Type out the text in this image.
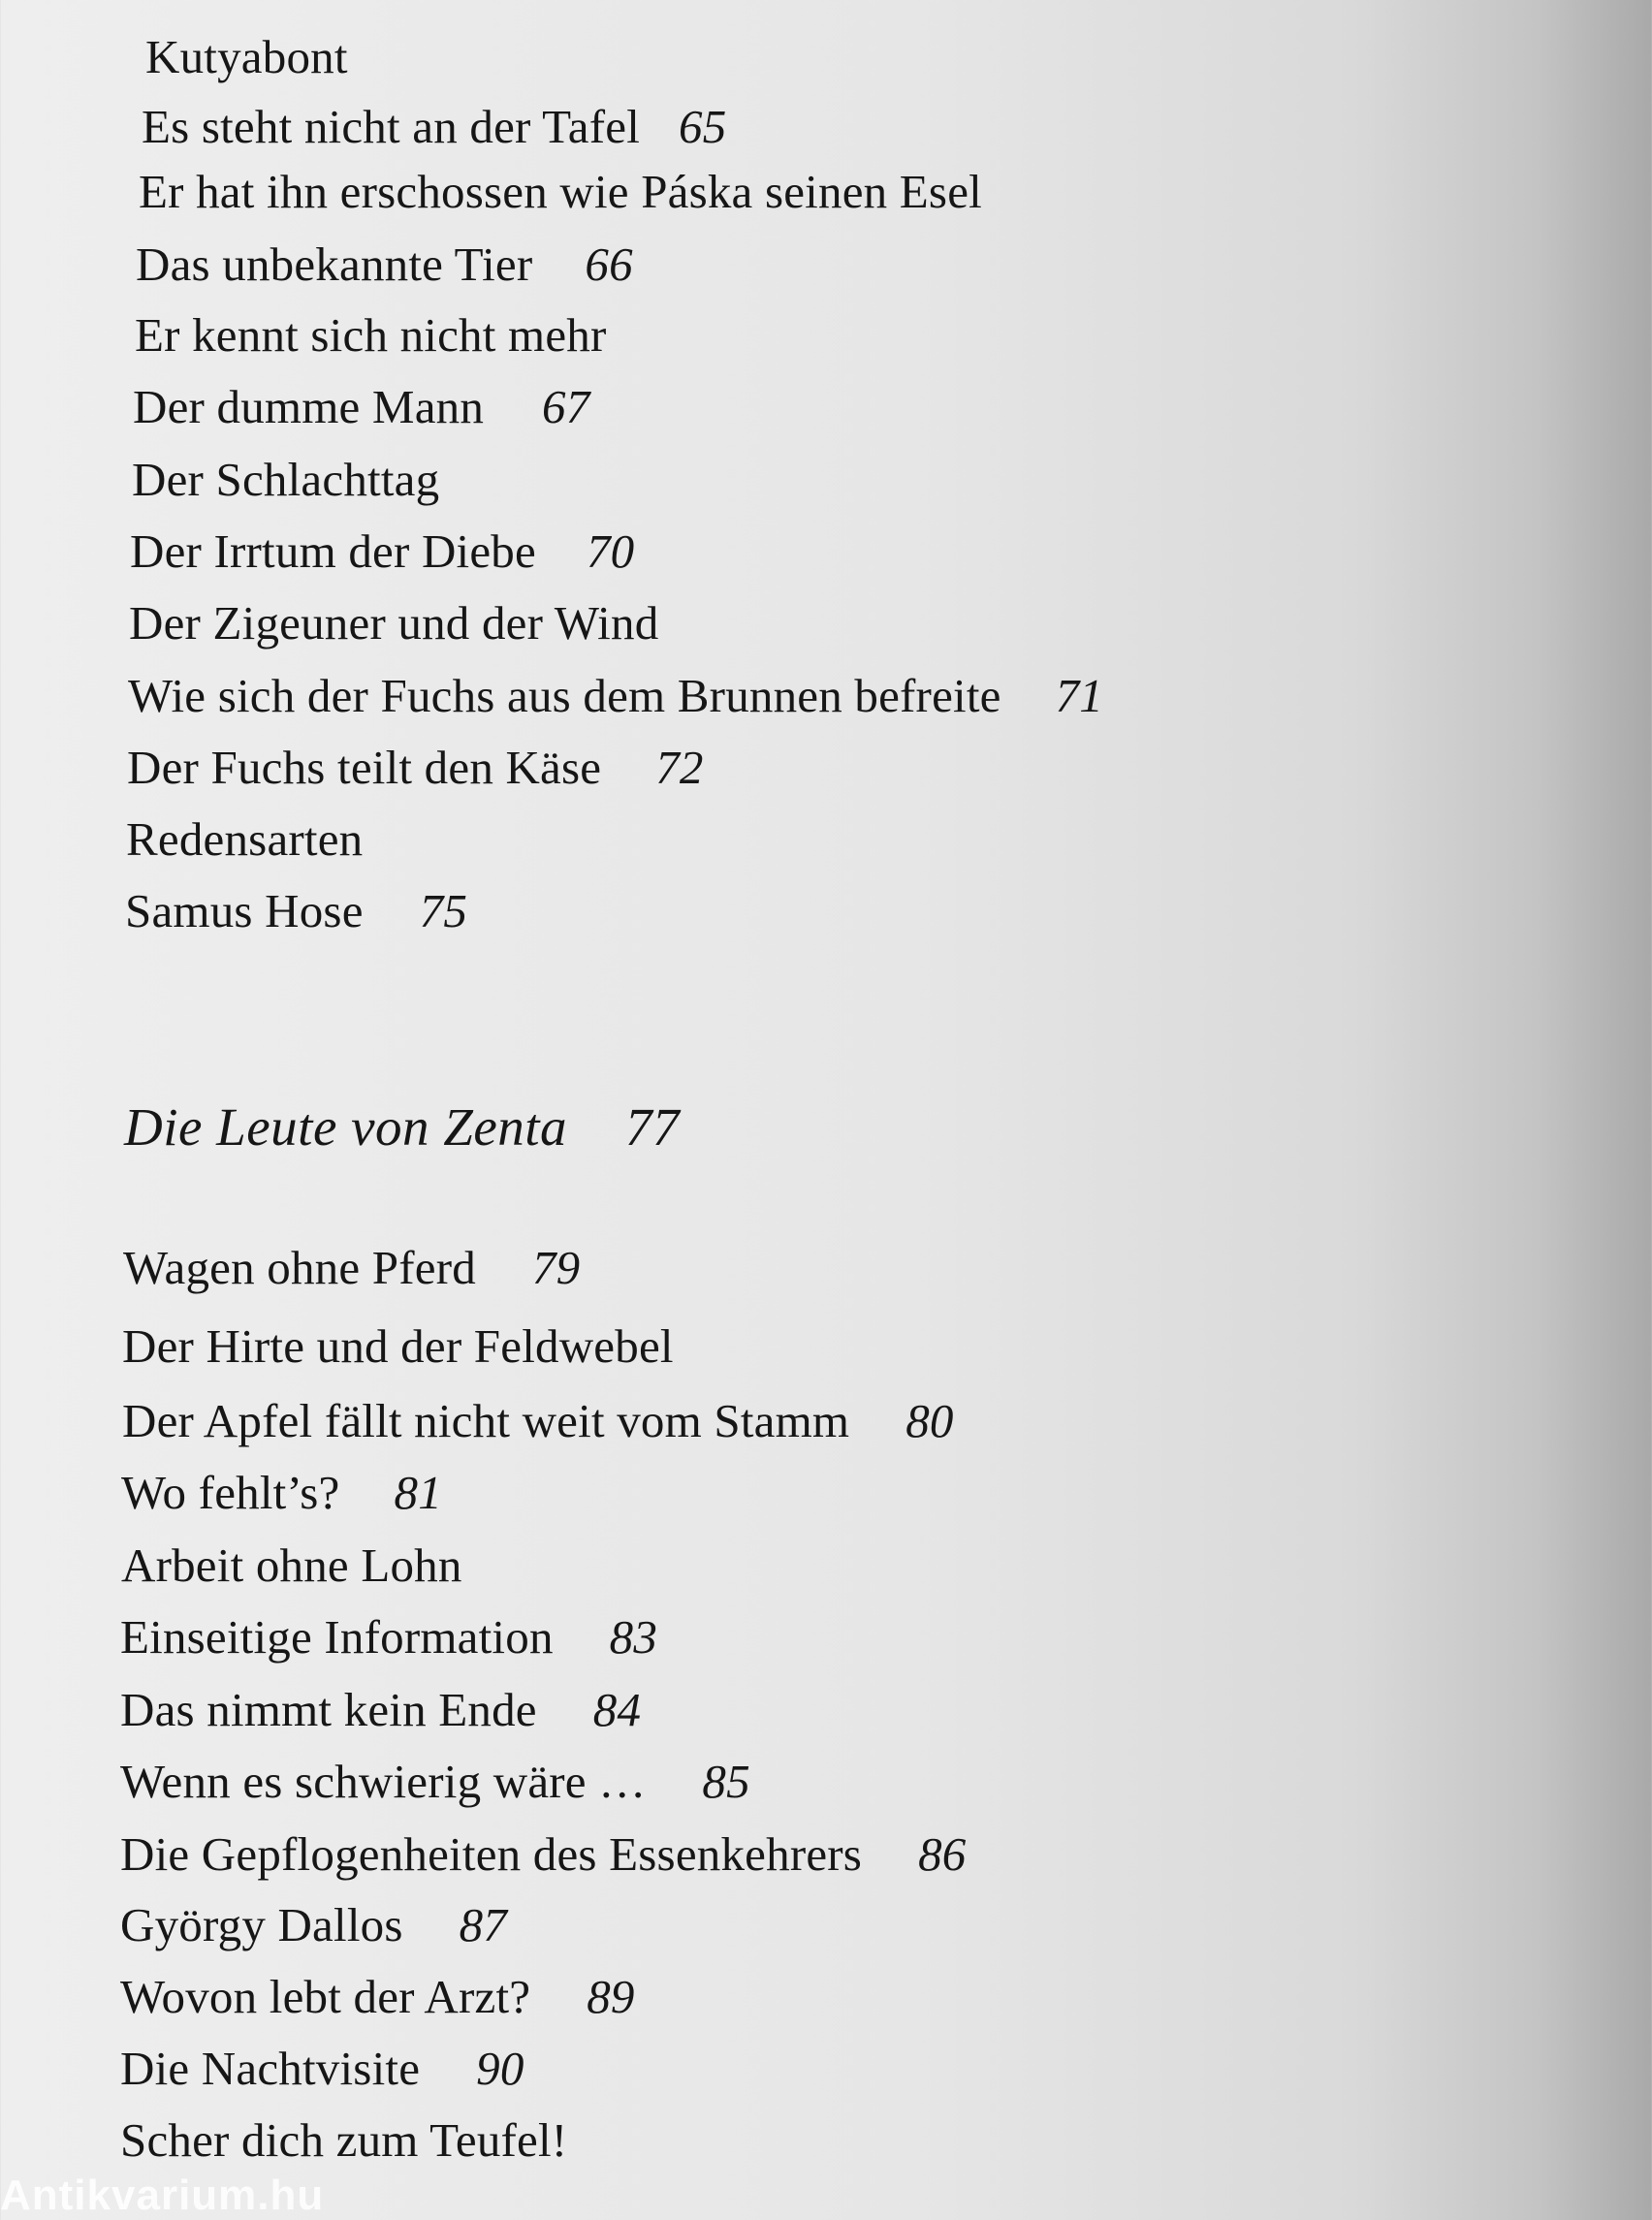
Kutyabont
Es steht nicht an der Tafel 65
Er hat ihn erschossen wie Páska seinen Esel
Das unbekannte Tier 66
Er kennt sich nicht mehr
Der dumme Mann 67
Der Schlachttag
Der Irrtum der Diebe 70
Der Zigeuner und der Wind
Wie sich der Fuchs aus dem Brunnen befreite 71
Der Fuchs teilt den Käse 72
Redensarten
Samus Hose 75
Die Leute von Zenta 77
Wagen ohne Pferd 79
Der Hirte und der Feldwebel
Der Apfel fällt nicht weit vom Stamm 80
Wo fehlt’s? 81
Arbeit ohne Lohn
Einseitige Information 83
Das nimmt kein Ende 84
Wenn es schwierig wäre … 85
Die Gepflogenheiten des Essenkehrers 86
György Dallos 87
Wovon lebt der Arzt? 89
Die Nachtvisite 90
Scher dich zum Teufel!
Antikvarium.hu
